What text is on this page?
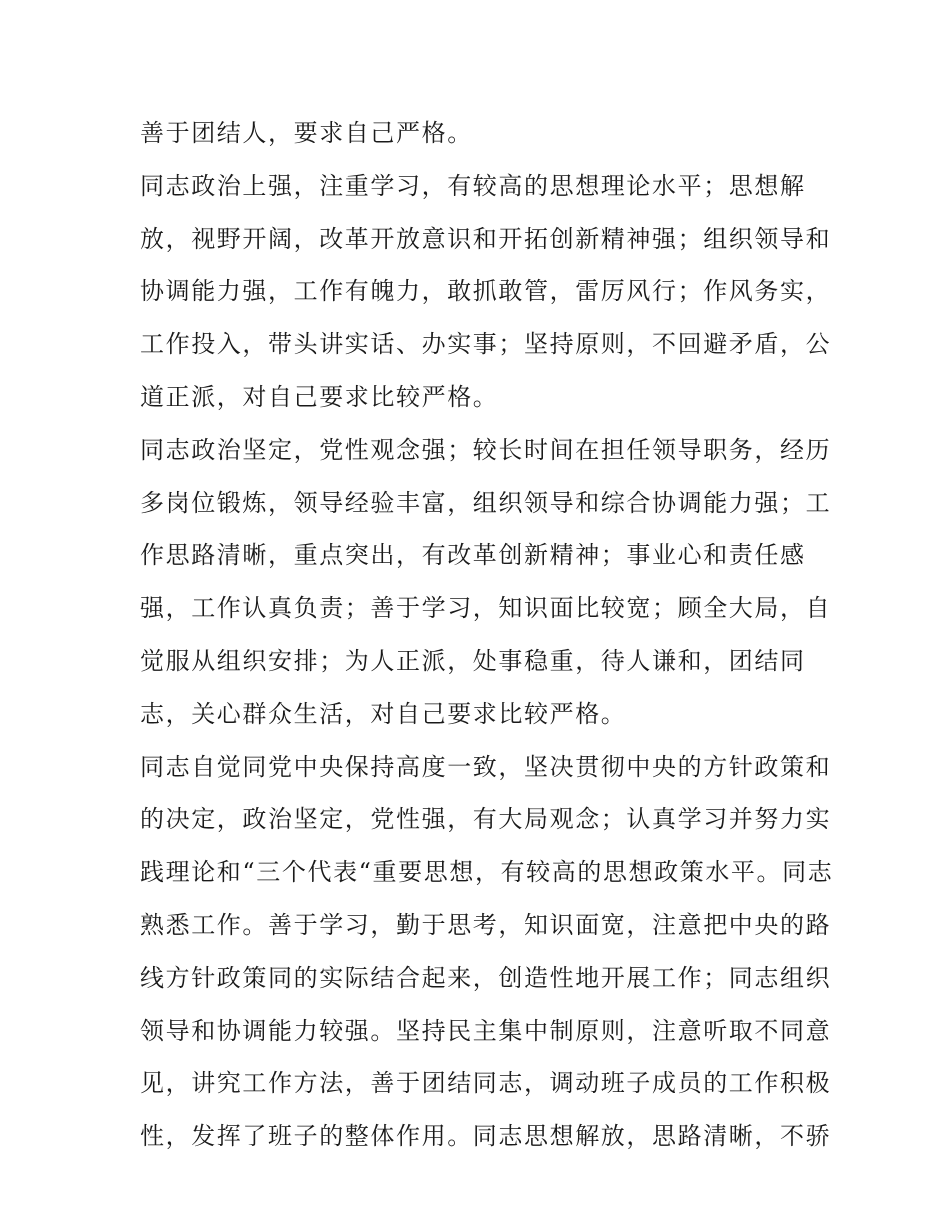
善于团结人，要求自己严格。
同志政治上强，注重学习，有较高的思想理论水平；思想解
放，视野开阔，改革开放意识和开拓创新精神强；组织领导和
协调能力强，工作有魄力，敢抓敢管，雷厉风行；作风务实，
工作投入，带头讲实话、办实事；坚持原则，不回避矛盾，公
道正派，对自己要求比较严格。
同志政治坚定，党性观念强；较长时间在担任领导职务，经历
多岗位锻炼，领导经验丰富，组织领导和综合协调能力强；工
作思路清晰，重点突出，有改革创新精神；事业心和责任感
强，工作认真负责；善于学习，知识面比较宽；顾全大局，自
觉服从组织安排；为人正派，处事稳重，待人谦和，团结同
志，关心群众生活，对自己要求比较严格。
同志自觉同党中央保持高度一致，坚决贯彻中央的方针政策和
的决定，政治坚定，党性强，有大局观念；认真学习并努力实
践理论和“三个代表“重要思想，有较高的思想政策水平。同志
熟悉工作。善于学习，勤于思考，知识面宽，注意把中央的路
线方针政策同的实际结合起来，创造性地开展工作；同志组织
领导和协调能力较强。坚持民主集中制原则，注意听取不同意
见，讲究工作方法，善于团结同志，调动班子成员的工作积极
性，发挥了班子的整体作用。同志思想解放，思路清晰，不骄
